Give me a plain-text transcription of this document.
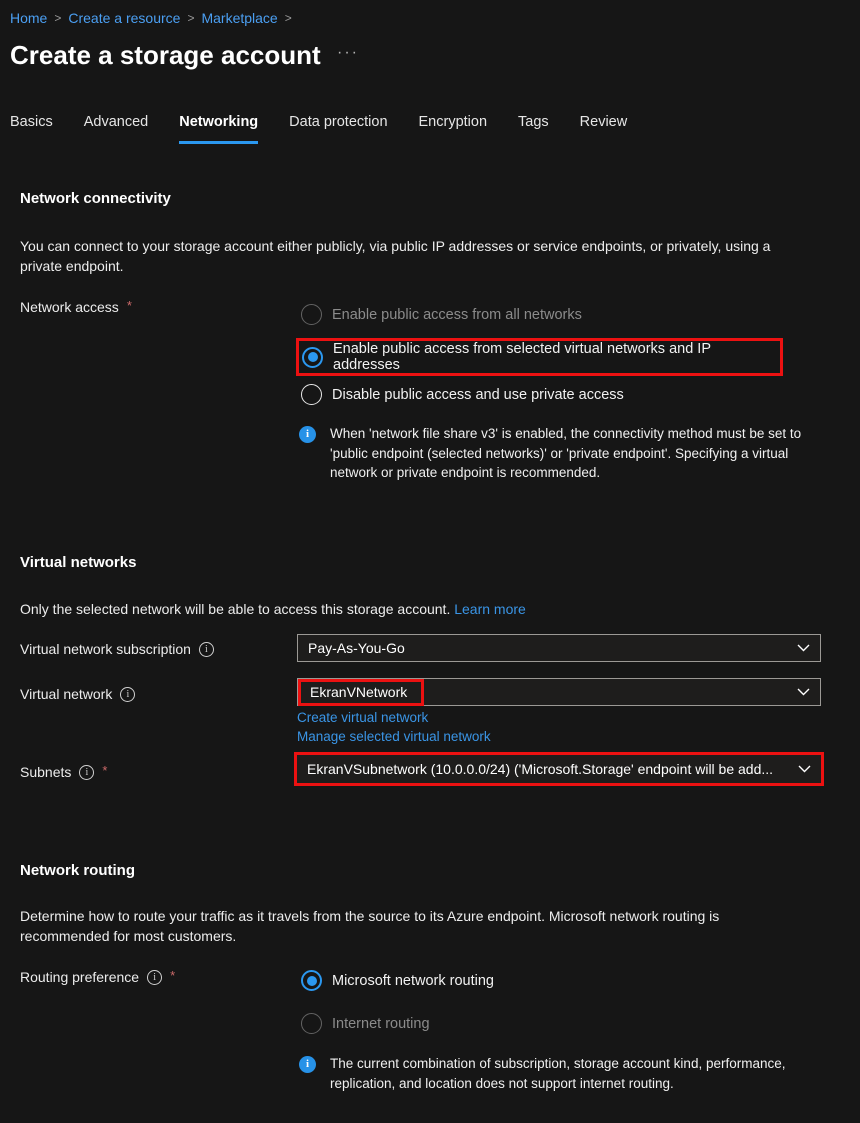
Home > Create a resource > Marketplace >
Create a storage account ···
Basics Advanced Networking Data protection Encryption Tags Review
Network connectivity

You can connect to your storage account either publicly, via public IP addresses or service endpoints, or privately, using a private endpoint.

Network access *
Enable public access from all networks
Enable public access from selected virtual networks and IP addresses
Disable public access and use private access
i	When 'network file share v3' is enabled, the connectivity method must be set to 'public endpoint (selected networks)' or 'private endpoint'. Specifying a virtual network or private endpoint is recommended.

Virtual networks

Only the selected network will be able to access this storage account. Learn more

Virtual network subscription	i	Pay-As-You-Go
Virtual network	i	EkranVNetwork
Create virtual network
Manage selected virtual network
Subnets	i	*	EkranVSubnetwork (10.0.0.0/24) ('Microsoft.Storage' endpoint will be add...
Network routing

Determine how to route your traffic as it travels from the source to its Azure endpoint. Microsoft network routing is recommended for most customers.

Routing preference	i	*	Microsoft network routing
Internet routing
i	The current combination of subscription, storage account kind, performance, replication, and location does not support internet routing.
